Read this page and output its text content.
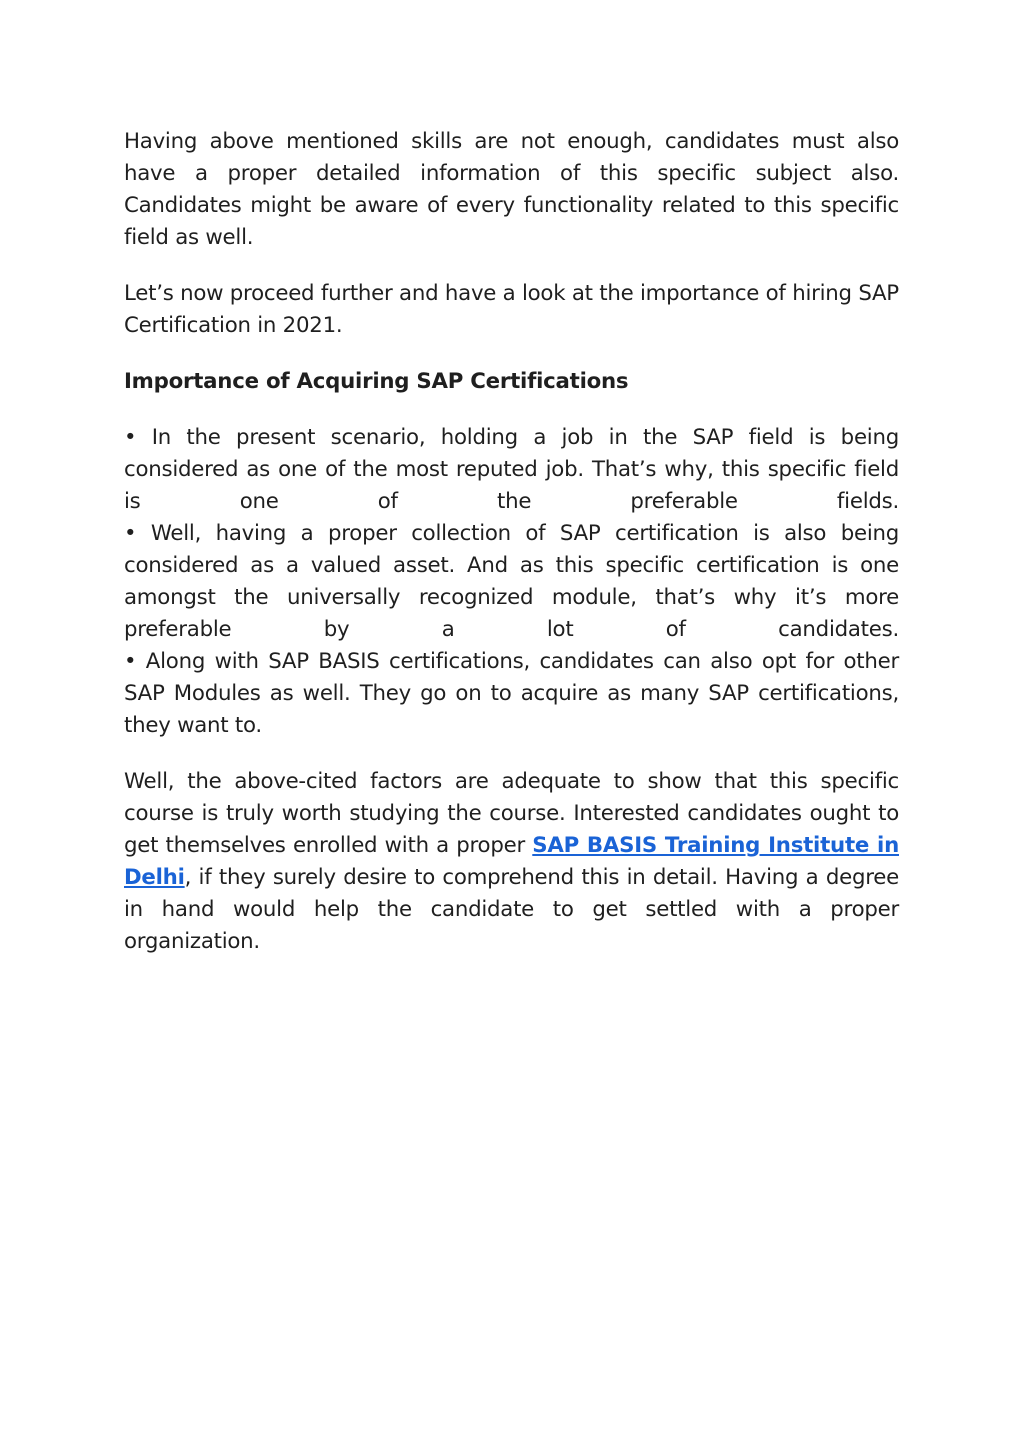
Having above mentioned skills are not enough, candidates must also have a proper detailed information of this specific subject also. Candidates might be aware of every functionality related to this specific field as well.

Let’s now proceed further and have a look at the importance of hiring SAP Certification in 2021.

Importance of Acquiring SAP Certifications
• In the present scenario, holding a job in the SAP field is being considered as one of the most reputed job. That’s why, this specific field is one of the preferable fields.
• Well, having a proper collection of SAP certification is also being considered as a valued asset. And as this specific certification is one amongst the universally recognized module, that’s why it’s more preferable by a lot of candidates.
• Along with SAP BASIS certifications, candidates can also opt for other SAP Modules as well. They go on to acquire as many SAP certifications, they want to.

Well, the above-cited factors are adequate to show that this specific course is truly worth studying the course. Interested candidates ought to get themselves enrolled with a proper SAP BASIS Training Institute in Delhi, if they surely desire to comprehend this in detail. Having a degree in hand would help the candidate to get settled with a proper organization.
